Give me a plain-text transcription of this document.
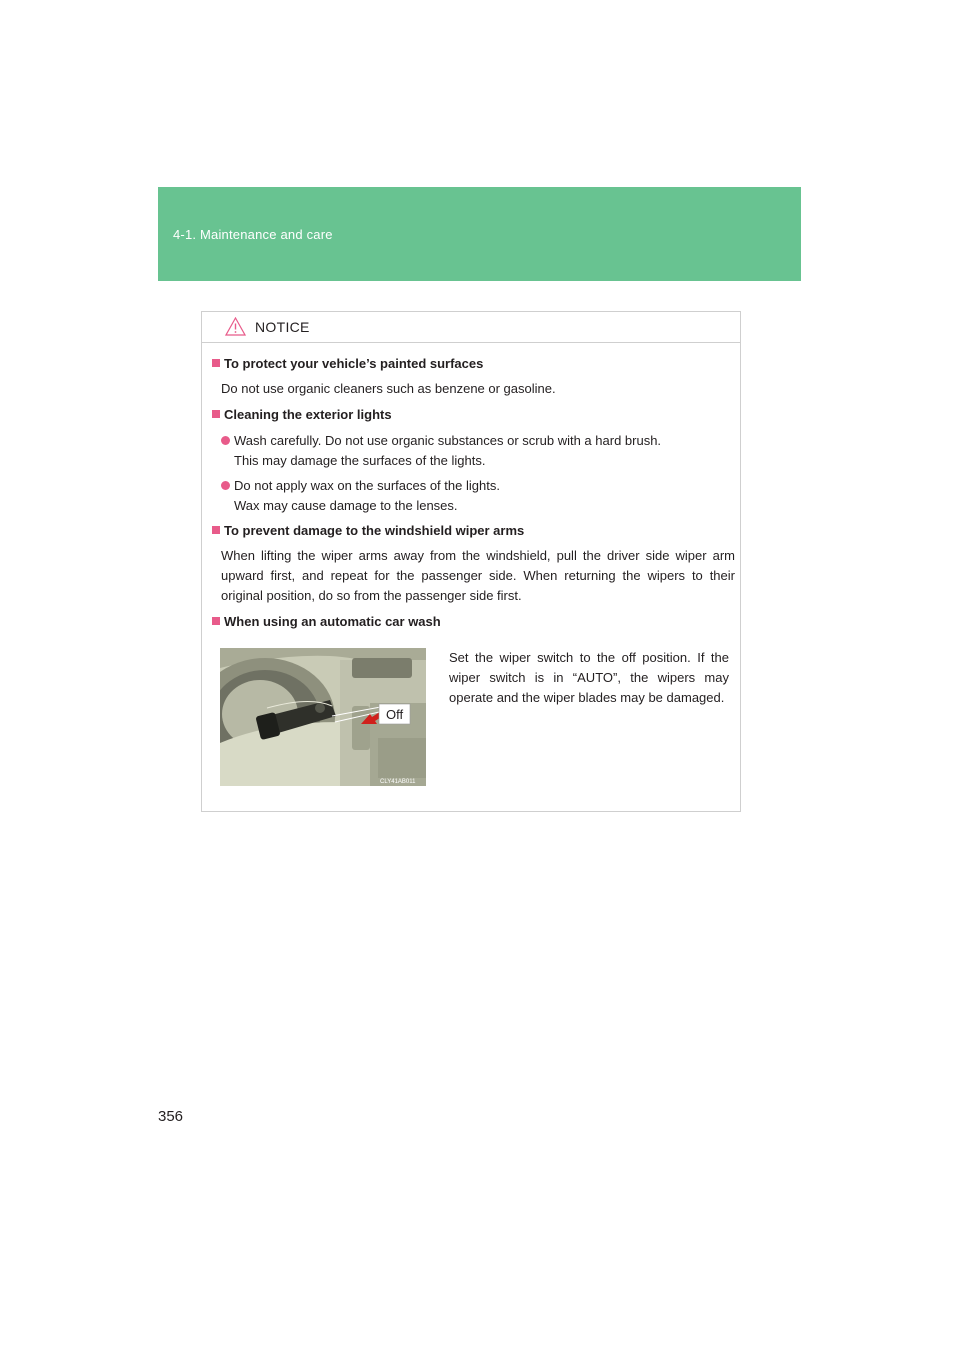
4-1. Maintenance and care
NOTICE
To protect your vehicle’s painted surfaces
Do not use organic cleaners such as benzene or gasoline.
Cleaning the exterior lights
Wash carefully. Do not use organic substances or scrub with a hard brush.
This may damage the surfaces of the lights.
Do not apply wax on the surfaces of the lights.
Wax may cause damage to the lenses.
To prevent damage to the windshield wiper arms
When lifting the wiper arms away from the windshield, pull the driver side wiper arm upward first, and repeat for the passenger side. When returning the wipers to their original position, do so from the passenger side first.
When using an automatic car wash
Off
CLY41AB011
Set the wiper switch to the off position. If the wiper switch is in “AUTO”, the wipers may operate and the wiper blades may be damaged.
356
